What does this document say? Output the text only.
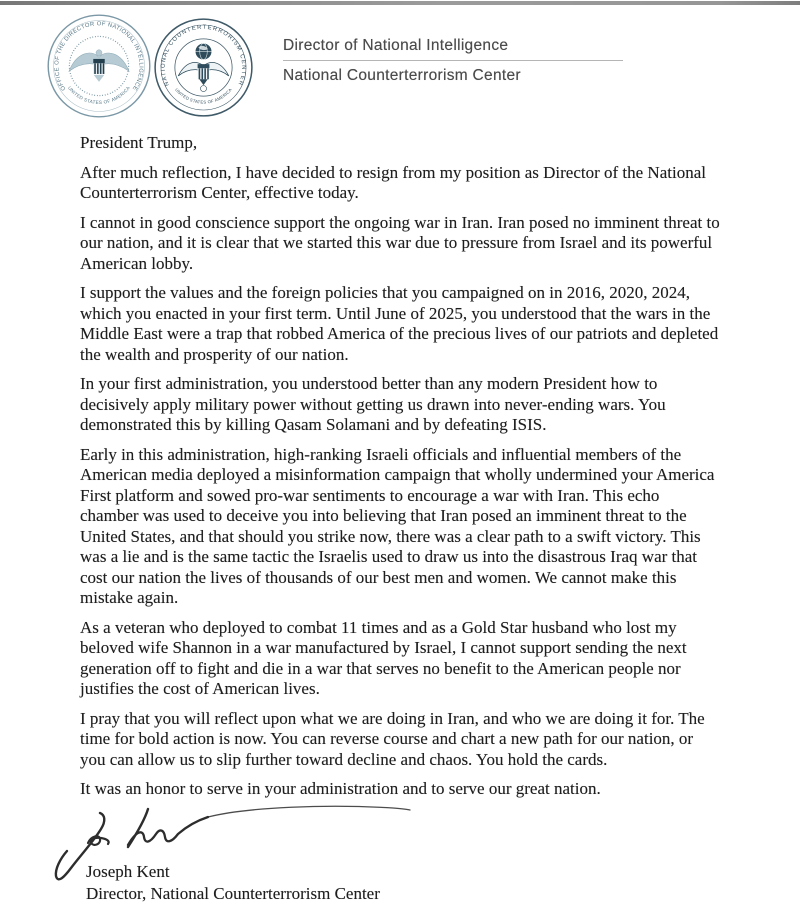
OFFICE OF THE DIRECTOR OF NATIONAL INTELLIGENCE
UNITED STATES OF AMERICA
NATIONAL COUNTERTERRORISM CENTER
UNITED STATES OF AMERICA
Director of National Intelligence
National Counterterrorism Center

President Trump,

After much reflection, I have decided to resign from my position as Director of the National Counterterrorism Center, effective today.

I cannot in good conscience support the ongoing war in Iran. Iran posed no imminent threat to our nation, and it is clear that we started this war due to pressure from Israel and its powerful American lobby.

I support the values and the foreign policies that you campaigned on in 2016, 2020, 2024, which you enacted in your first term. Until June of 2025, you understood that the wars in the Middle East were a trap that robbed America of the precious lives of our patriots and depleted the wealth and prosperity of our nation.

In your first administration, you understood better than any modern President how to decisively apply military power without getting us drawn into never-ending wars. You demonstrated this by killing Qasam Solamani and by defeating ISIS.

Early in this administration, high-ranking Israeli officials and influential members of the American media deployed a misinformation campaign that wholly undermined your America First platform and sowed pro-war sentiments to encourage a war with Iran. This echo chamber was used to deceive you into believing that Iran posed an imminent threat to the United States, and that should you strike now, there was a clear path to a swift victory. This was a lie and is the same tactic the Israelis used to draw us into the disastrous Iraq war that cost our nation the lives of thousands of our best men and women. We cannot make this mistake again.

As a veteran who deployed to combat 11 times and as a Gold Star husband who lost my beloved wife Shannon in a war manufactured by Israel, I cannot support sending the next generation off to fight and die in a war that serves no benefit to the American people nor justifies the cost of American lives.

I pray that you will reflect upon what we are doing in Iran, and who we are doing it for. The time for bold action is now. You can reverse course and chart a new path for our nation, or you can allow us to slip further toward decline and chaos. You hold the cards.

It was an honor to serve in your administration and to serve our great nation.

Joseph Kent
Director, National Counterterrorism Center
